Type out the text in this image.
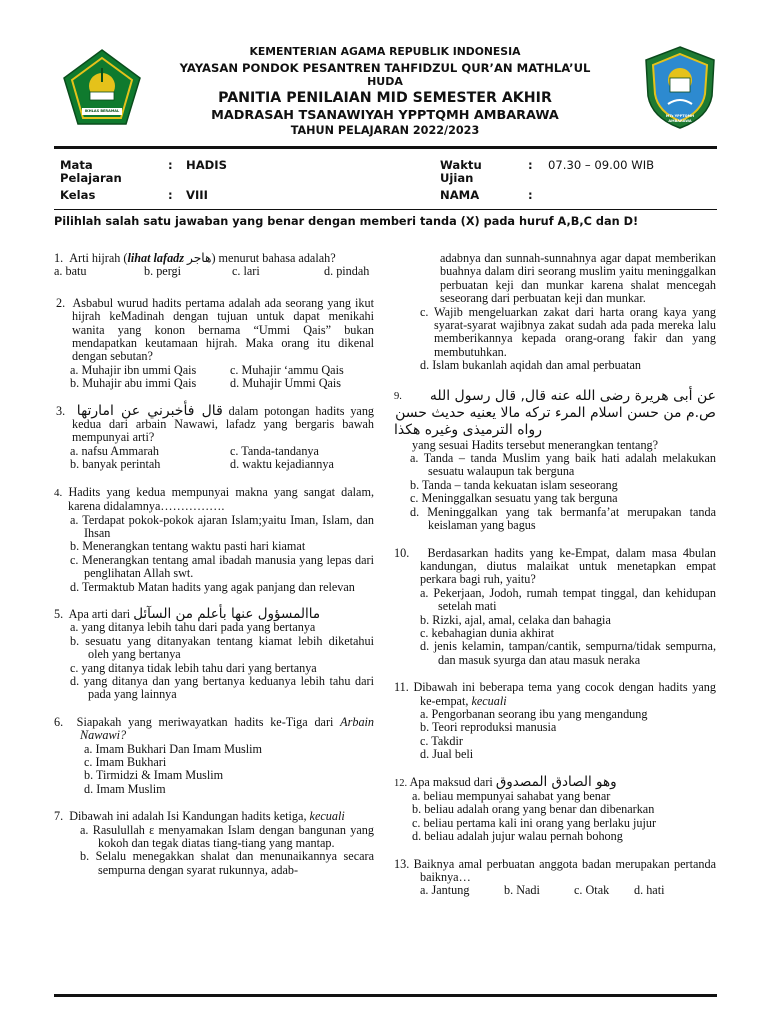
IKHLAS BERAMAL
MTs YPPTQMH AMBARAWA
KEMENTERIAN AGAMA REPUBLIK INDONESIA
YAYASAN PONDOK PESANTREN TAHFIDZUL QUR’AN MATHLA’UL
HUDA
PANITIA PENILAIAN MID SEMESTER AKHIR
MADRASAH TSANAWIYAH YPPTQMH AMBARAWA
TAHUN PELAJARAN 2022/2023
Mata Pelajaran
: HADIS
Kelas	: VIII
Waktu Ujian
: 07.30 – 09.00 WIB
NAMA	:
Pilihlah salah satu jawaban yang benar dengan memberi tanda (X) pada huruf A,B,C dan D!
1. Arti hijrah (lihat lafadz هاجر) menurut bahasa adalah?
a. batu	b. pergi	c. lari	d. pindah
2. Asbabul wurud hadits pertama adalah ada seorang yang ikut hijrah keMadinah dengan tujuan untuk dapat menikahi wanita yang konon bernama “Ummi Qais” bukan mendapatkan keutamaan hijrah. Maka orang itu dikenal dengan sebutan?
a. Muhajir ibn ummi Qais	c. Muhajir ‘ammu Qais
b. Muhajir abu immi Qais	d. Muhajir Ummi Qais
3. قال فأخبرني عن امارتها dalam potongan hadits yang kedua dari arbain Nawawi, lafadz yang bergaris bawah mempunyai arti?
a. nafsu Ammarah	c. Tanda-tandanya
b. banyak perintah	d. waktu kejadiannya
4. Hadits yang kedua mempunyai makna yang sangat dalam, karena didalamnya…………….
a. Terdapat pokok-pokok ajaran Islam;yaitu Iman, Islam, dan Ihsan
b. Menerangkan tentang waktu pasti hari kiamat
c. Menerangkan tentang amal ibadah manusia yang lepas dari penglihatan Allah swt.
d. Termaktub Matan hadits yang agak panjang dan relevan
5. Apa arti dari ماالمسؤول عنها بأعلم من السآئل
a. yang ditanya lebih tahu dari pada yang bertanya
b. sesuatu yang ditanyakan tentang kiamat lebih diketahui oleh yang bertanya
c. yang ditanya tidak lebih tahu dari yang bertanya
d. yang ditanya dan yang bertanya keduanya lebih tahu dari pada yang lainnya
6. Siapakah yang meriwayatkan hadits ke-Tiga dari Arbain Nawawi?
a. Imam Bukhari Dan Imam Muslim
c. Imam Bukhari
b. Tirmidzi & Imam Muslim
d. Imam Muslim
7. Dibawah ini adalah Isi Kandungan hadits ketiga, kecuali
a. Rasulullah ε menyamakan Islam dengan bangunan yang kokoh dan tegak diatas tiang-tiang yang mantap.
b. Selalu menegakkan shalat dan menunaikannya secara sempurna dengan syarat rukunnya, adab-
adabnya dan sunnah-sunnahnya agar dapat memberikan buahnya dalam diri seorang muslim yaitu meninggalkan perbuatan keji dan munkar karena shalat mencegah seseorang dari perbuatan keji dan munkar.
c. Wajib mengeluarkan zakat dari harta orang kaya yang syarat-syarat wajibnya zakat sudah ada pada mereka lalu memberikannya kepada orang-orang fakir dan yang membutuhkan.
d. Islam bukanlah aqidah dan amal perbuatan
9. عن أبى هريرة رضى الله عنه قال, قال رسول الله
ص.م من حسن اسلام المرء تركه مالا يعنيه حديث حسن
رواه الترميذى وغيره هكذا
yang sesuai Hadits tersebut menerangkan tentang?
a. Tanda – tanda Muslim yang baik hati adalah melakukan sesuatu walaupun tak berguna
b. Tanda – tanda kekuatan islam seseorang
c. Meninggalkan sesuatu yang tak berguna
d. Meninggalkan yang tak bermanfa’at merupakan tanda keislaman yang bagus
10. Berdasarkan hadits yang ke-Empat, dalam masa 4bulan kandungan, diutus malaikat untuk menetapkan empat perkara bagi ruh, yaitu?
a. Pekerjaan, Jodoh, rumah tempat tinggal, dan kehidupan setelah mati
b. Rizki, ajal, amal, celaka dan bahagia
c. kebahagian dunia akhirat
d. jenis kelamin, tampan/cantik, sempurna/tidak sempurna, dan masuk syurga dan atau masuk neraka
11. Dibawah ini beberapa tema yang cocok dengan hadits yang ke-empat, kecuali
a. Pengorbanan seorang ibu yang mengandung
b. Teori reproduksi manusia
c. Takdir
d. Jual beli
12. Apa maksud dari وهو الصادق المصدوق
a. beliau mempunyai sahabat yang benar
b. beliau adalah orang yang benar dan dibenarkan
c. beliau pertama kali ini orang yang berlaku jujur
d. beliau adalah jujur walau pernah bohong
13. Baiknya amal perbuatan anggota badan merupakan pertanda baiknya…
a. Jantung	b. Nadi	c. Otak	d. hati
